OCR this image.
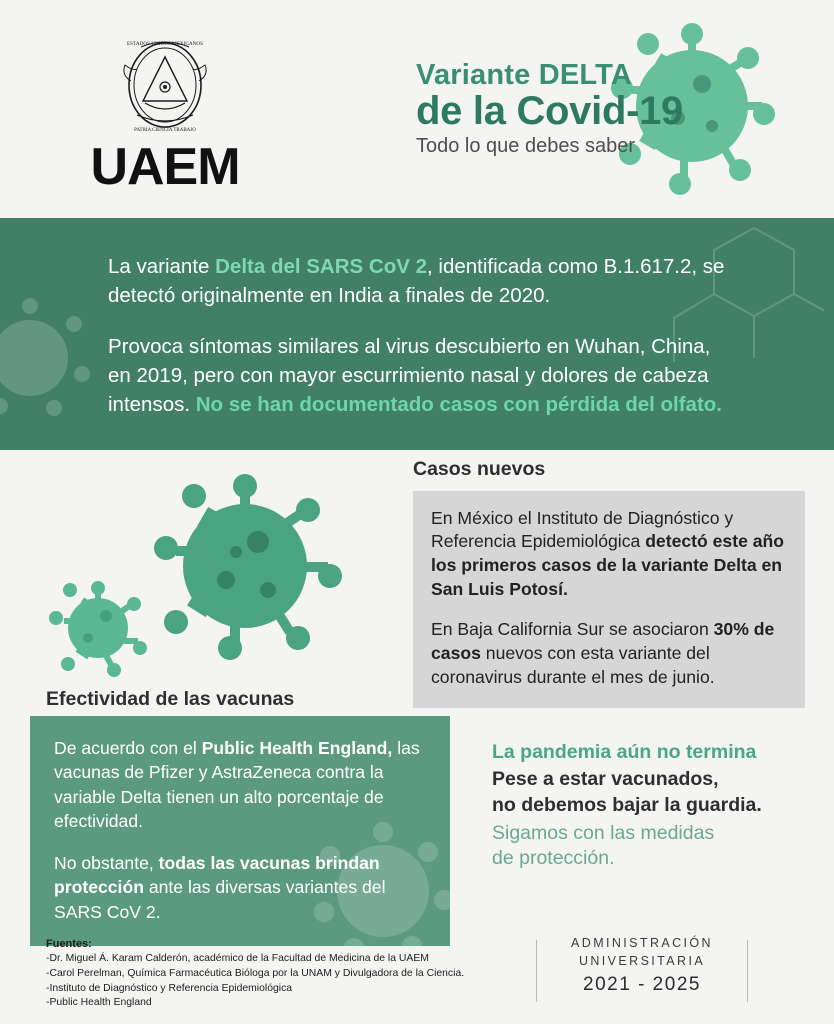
ESTADOS UNIDOS MEXICANOS
PATRIA CIENCIA TRABAJO
UAEM
Variante DELTA
de la Covid-19
Todo lo que debes saber

La variante Delta del SARS CoV 2, identificada como B.1.617.2, se detectó originalmente en India a finales de 2020.

Provoca síntomas similares al virus descubierto en Wuhan, China, en 2019, pero con mayor escurrimiento nasal y dolores de cabeza intensos. No se han documentado casos con pérdida del olfato.

Casos nuevos

En México el Instituto de Diagnóstico y Referencia Epidemiológica detectó este año los primeros casos de la variante Delta en San Luis Potosí.

En Baja California Sur se asociaron 30% de casos nuevos con esta variante del coronavirus durante el mes de junio.

Efectividad de las vacunas

De acuerdo con el Public Health England, las vacunas de Pfizer y AstraZeneca contra la variable Delta tienen un alto porcentaje de efectividad.

No obstante, todas las vacunas brindan protección ante las diversas variantes del SARS CoV 2.

La pandemia aún no termina
Pese a estar vacunados,
no debemos bajar la guardia.
Sigamos con las medidas
de protección.
Fuentes:
-Dr. Miguel Á. Karam Calderón, académico de la Facultad de Medicina de la UAEM
-Carol Perelman, Química Farmacéutica Bióloga por la UNAM y Divulgadora de la Ciencia.
-Instituto de Diagnóstico y Referencia Epidemiológica
-Public Health England
ADMINISTRACIÓN
UNIVERSITARIA
2021 - 2025
